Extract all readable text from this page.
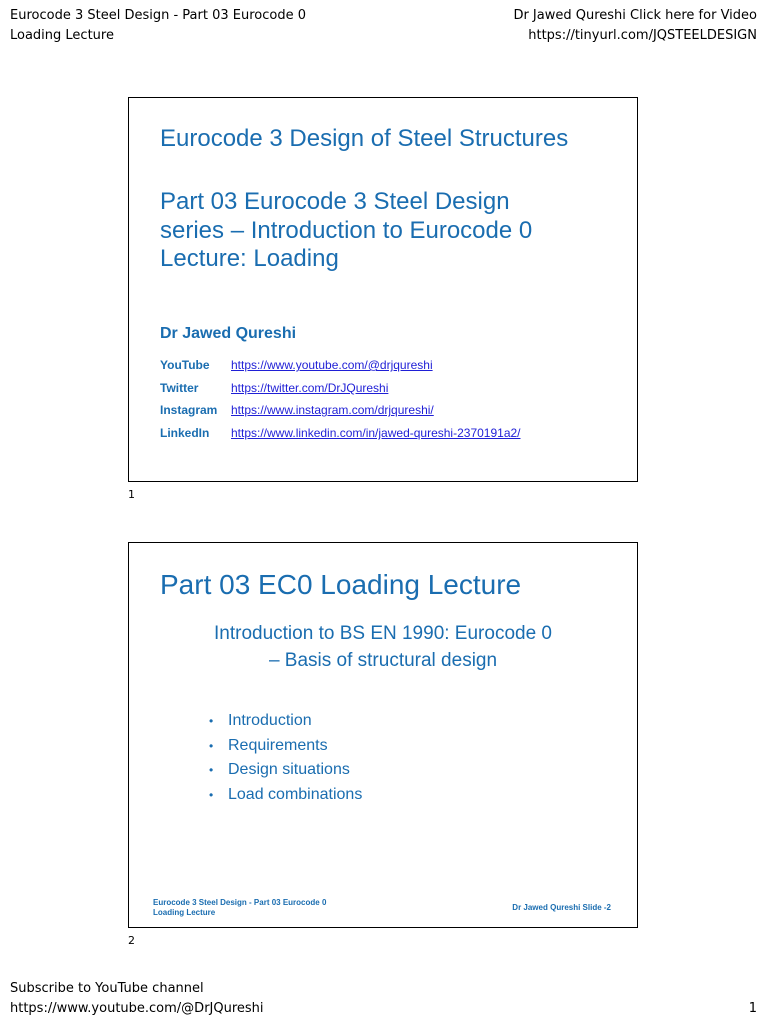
Eurocode 3 Steel Design - Part 03 Eurocode 0
Loading Lecture
Dr Jawed Qureshi Click here for Video
https://tinyurl.com/JQSTEELDESIGN
Eurocode 3 Design of Steel Structures
Part 03 Eurocode 3 Steel Design
series – Introduction to Eurocode 0
Lecture: Loading
Dr Jawed Qureshi
YouTube https://www.youtube.com/@drjqureshi
Twitter	https://twitter.com/DrJQureshi
Instagram https://www.instagram.com/drjqureshi/
LinkedIn https://www.linkedin.com/in/jawed-qureshi-2370191a2/
1
Part 03 EC0 Loading Lecture
Introduction to BS EN 1990: Eurocode 0
– Basis of structural design
• Introduction
• Requirements
• Design situations
• Load combinations
Eurocode 3 Steel Design - Part 03 Eurocode 0
Loading Lecture
Dr Jawed Qureshi Slide -2
2
Subscribe to YouTube channel
https://www.youtube.com/@DrJQureshi	1
